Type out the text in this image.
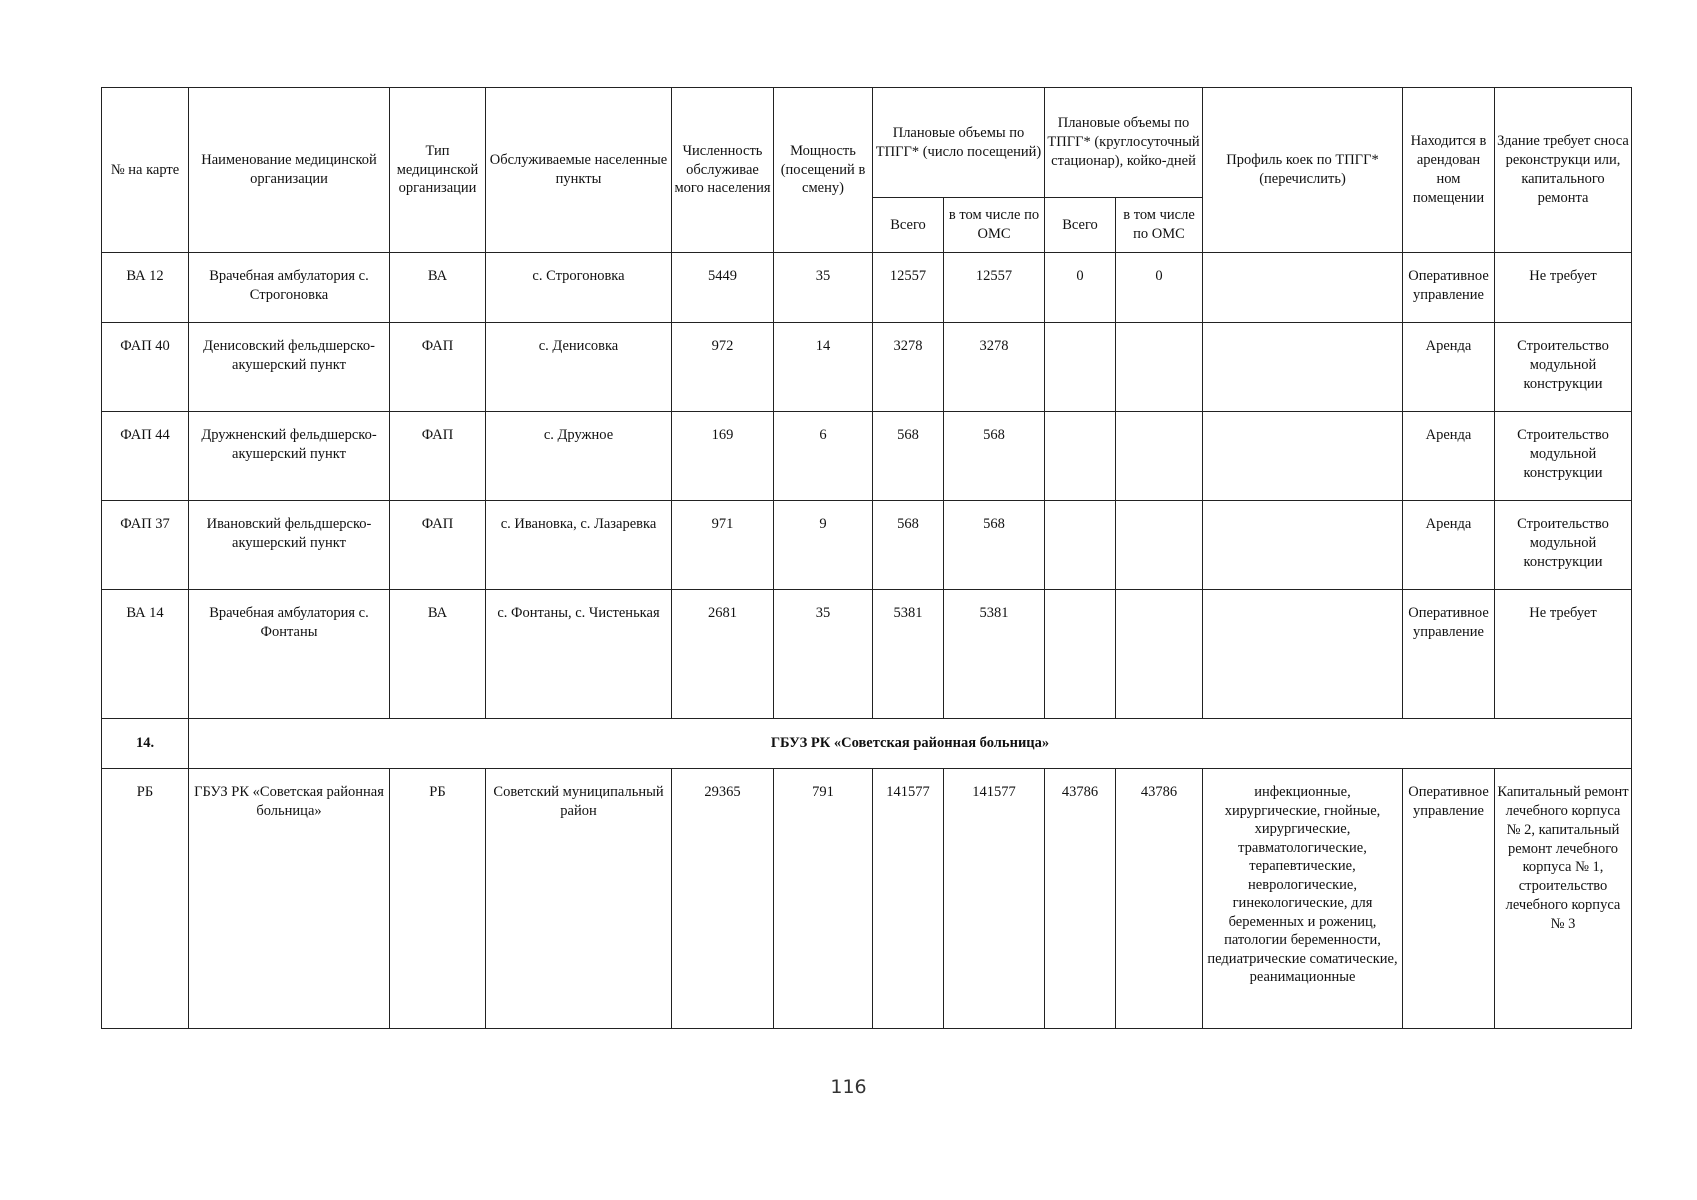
№ на карте	Наименование медицинской организации	Тип медицинской организации	Обслуживаемые населенные пункты	Численность обслуживае мого населения	Мощность (посещений в смену)	Плановые объемы по ТПГГ* (число посещений)		Плановые объемы по ТПГГ* (круглосуточный стационар), койко-дней		Профиль коек по ТПГГ* (перечислить)	Находится в арендован ном помещении	Здание требует сноса реконструкци или, капитального ремонта
						Всего	в том числе по ОМС	Всего	в том числе по ОМС			
ВА 12	Врачебная амбулатория с. Строгоновка	ВА	с. Строгоновка	5449	35	12557	12557	0	0		Оперативное управление	Не требует
ФАП 40	Денисовский фельдшерско-акушерский пункт	ФАП	с. Денисовка	972	14	3278	3278				Аренда	Строительство модульной конструкции
ФАП 44	Дружненский фельдшерско-акушерский пункт	ФАП	с. Дружное	169	6	568	568				Аренда	Строительство модульной конструкции
ФАП 37	Ивановский фельдшерско-акушерский пункт	ФАП	с. Ивановка, с. Лазаревка	971	9	568	568				Аренда	Строительство модульной конструкции
ВА 14	Врачебная амбулатория с. Фонтаны	ВА	с. Фонтаны, с. Чистенькая	2681	35	5381	5381				Оперативное управление	Не требует
14.	ГБУЗ РК «Советская районная больница»											
РБ	ГБУЗ РК «Советская районная больница»	РБ	Советский муниципальный район	29365	791	141577	141577	43786	43786	инфекционные, хирургические, гнойные, хирургические, травматологические, терапевтические, неврологические, гинекологические, для беременных и рожениц, патологии беременности, педиатрические соматические, реанимационные	Оперативное управление	Капитальный ремонт лечебного корпуса № 2, капитальный ремонт лечебного корпуса № 1, строительство лечебного корпуса № 3
116
